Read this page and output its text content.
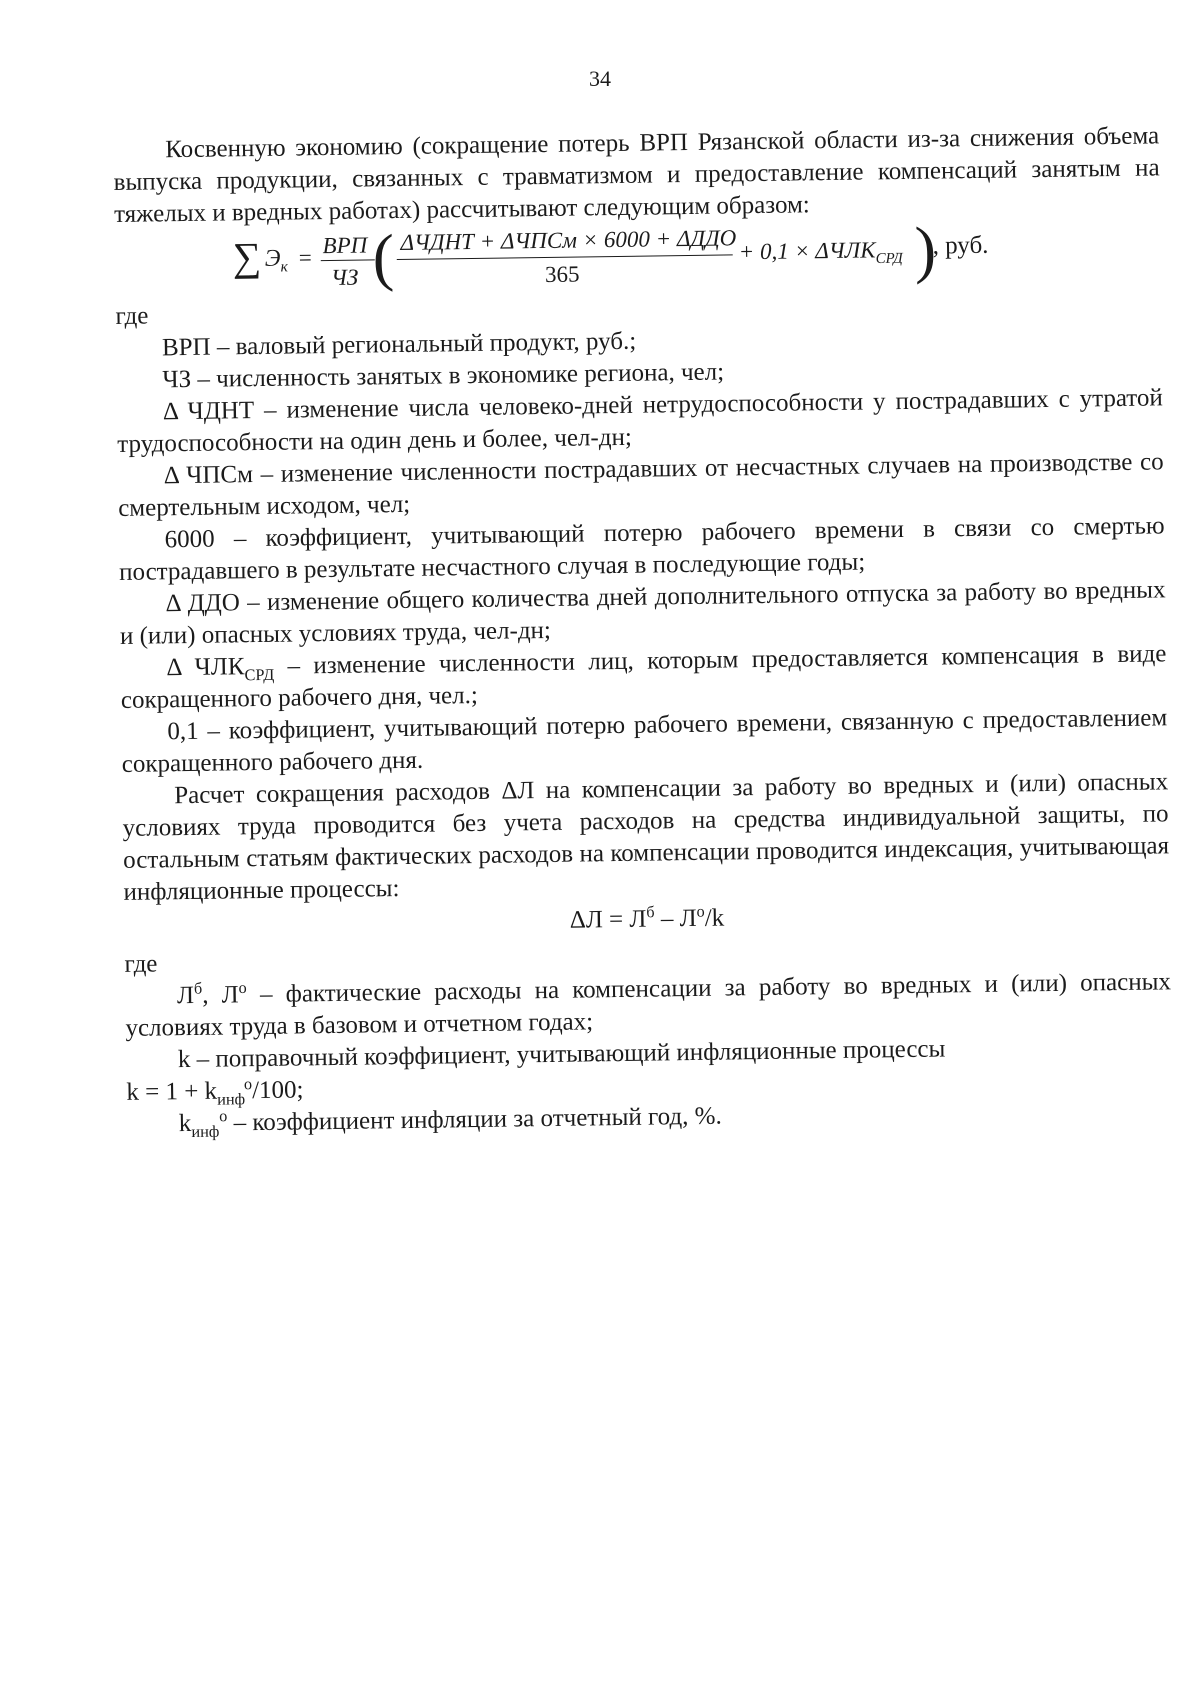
34

Косвенную экономию (сокращение потерь ВРП Рязанской области из-за снижения объема выпуска продукции, связанных с травматизмом и предоставление компенсаций занятым на тяжелых и вредных работах) рассчитывают следующим образом:

∑ $Э_к$ = ВРП
ЧЗ ( ΔЧДНТ + ΔЧПСм × 6000 + ΔДДО
365
+ $0,1 \times \Delta ЧЛК_{СРД}$ )
, руб.

где

ВРП – валовый региональный продукт, руб.;

ЧЗ – численность занятых в экономике региона, чел;

Δ ЧДНТ – изменение числа человеко-дней нетрудоспособности у пострадавших с утратой трудоспособности на один день и более, чел-дн;

Δ ЧПСм – изменение численности пострадавших от несчастных случаев на производстве со смертельным исходом, чел;

6000 – коэффициент, учитывающий потерю рабочего времени в связи со смертью пострадавшего в результате несчастного случая в последующие годы;

Δ ДДО – изменение общего количества дней дополнительного отпуска за работу во вредных и (или) опасных условиях труда, чел-дн;

Δ $ЧЛК_{СРД}$ – изменение численности лиц, которым предоставляется компенсация в виде сокращенного рабочего дня, чел.;

0,1 – коэффициент, учитывающий потерю рабочего времени, связанную с предоставлением сокращенного рабочего дня.

Расчет сокращения расходов ΔЛ на компенсации за работу во вредных и (или) опасных условиях труда проводится без учета расходов на средства индивидуальной защиты, по остальным статьям фактических расходов на компенсации проводится индексация, учитывающая инфляционные процессы:

$\Delta Л = Л^б - Л^о/k$

где

$Л^б$, $Л^о$ – фактические расходы на компенсации за работу во вредных и (или) опасных условиях труда в базовом и отчетном годах;

k – поправочный коэффициент, учитывающий инфляционные процессы

$k = 1 + k_{инф}^о/100$;

$k_{инф}^о$ – коэффициент инфляции за отчетный год, %.
